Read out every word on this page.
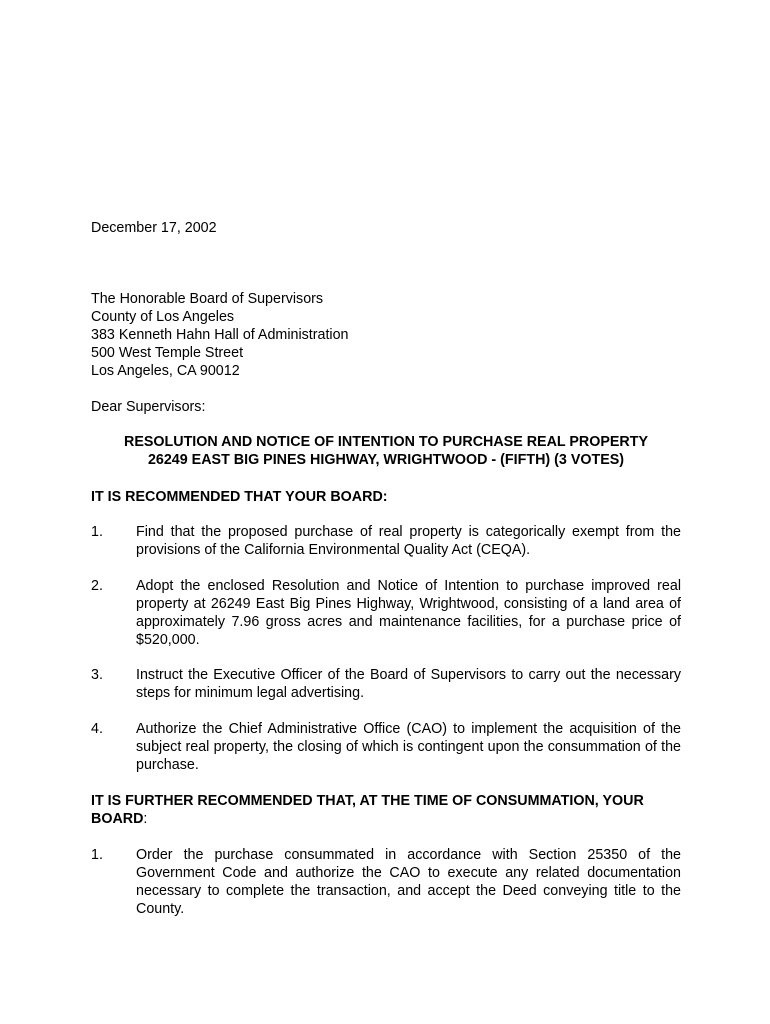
December 17, 2002
The Honorable Board of Supervisors
County of Los Angeles
383 Kenneth Hahn Hall of Administration
500 West Temple Street
Los Angeles, CA 90012
Dear Supervisors:
RESOLUTION AND NOTICE OF INTENTION TO PURCHASE REAL PROPERTY
26249 EAST BIG PINES HIGHWAY, WRIGHTWOOD - (FIFTH) (3 VOTES)
IT IS RECOMMENDED THAT YOUR BOARD:
1. Find that the proposed purchase of real property is categorically exempt from the provisions of the California Environmental Quality Act (CEQA).
2. Adopt the enclosed Resolution and Notice of Intention to purchase improved real property at 26249 East Big Pines Highway, Wrightwood, consisting of a land area of approximately 7.96 gross acres and maintenance facilities, for a purchase price of $520,000.
3. Instruct the Executive Officer of the Board of Supervisors to carry out the necessary steps for minimum legal advertising.
4. Authorize the Chief Administrative Office (CAO) to implement the acquisition of the subject real property, the closing of which is contingent upon the consummation of the purchase.
IT IS FURTHER RECOMMENDED THAT, AT THE TIME OF CONSUMMATION, YOUR BOARD:
1. Order the purchase consummated in accordance with Section 25350 of the Government Code and authorize the CAO to execute any related documentation necessary to complete the transaction, and accept the Deed conveying title to the County.
